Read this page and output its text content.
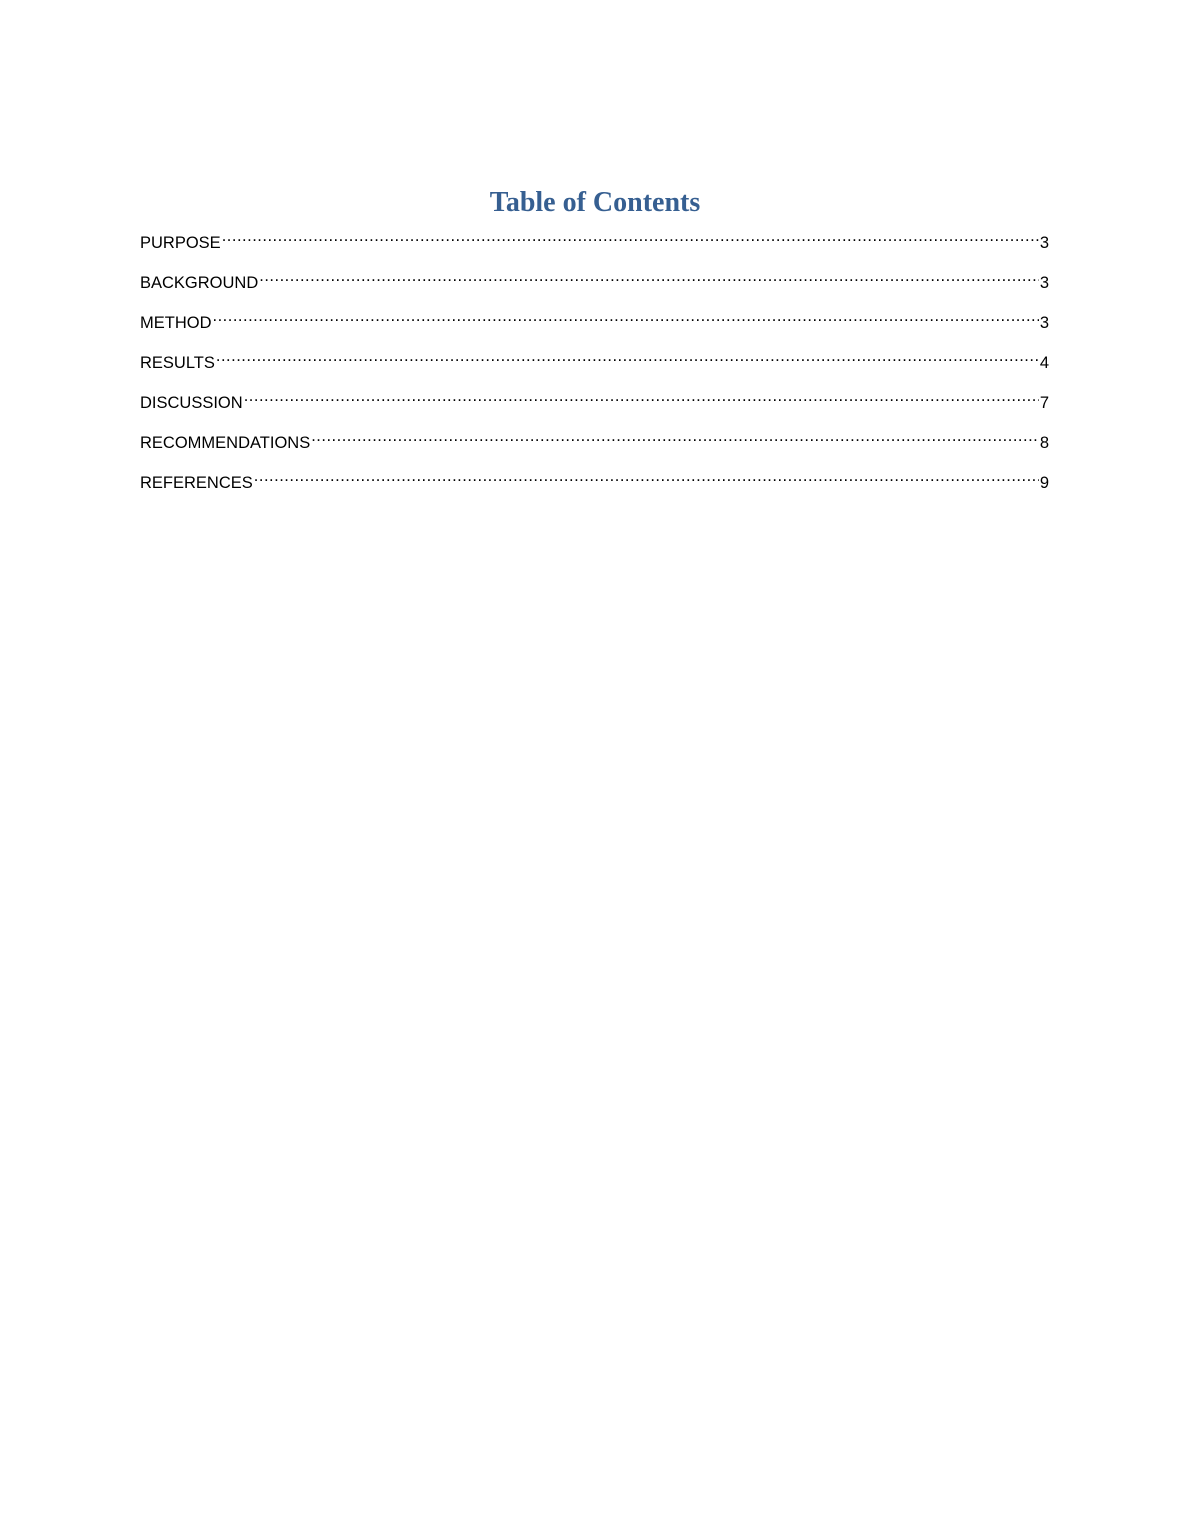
Table of Contents
PURPOSE .....	3
BACKGROUND .....	3
METHOD .....	3
RESULTS .....	4
DISCUSSION .....	7
RECOMMENDATIONS .....	8
REFERENCES .....	9
